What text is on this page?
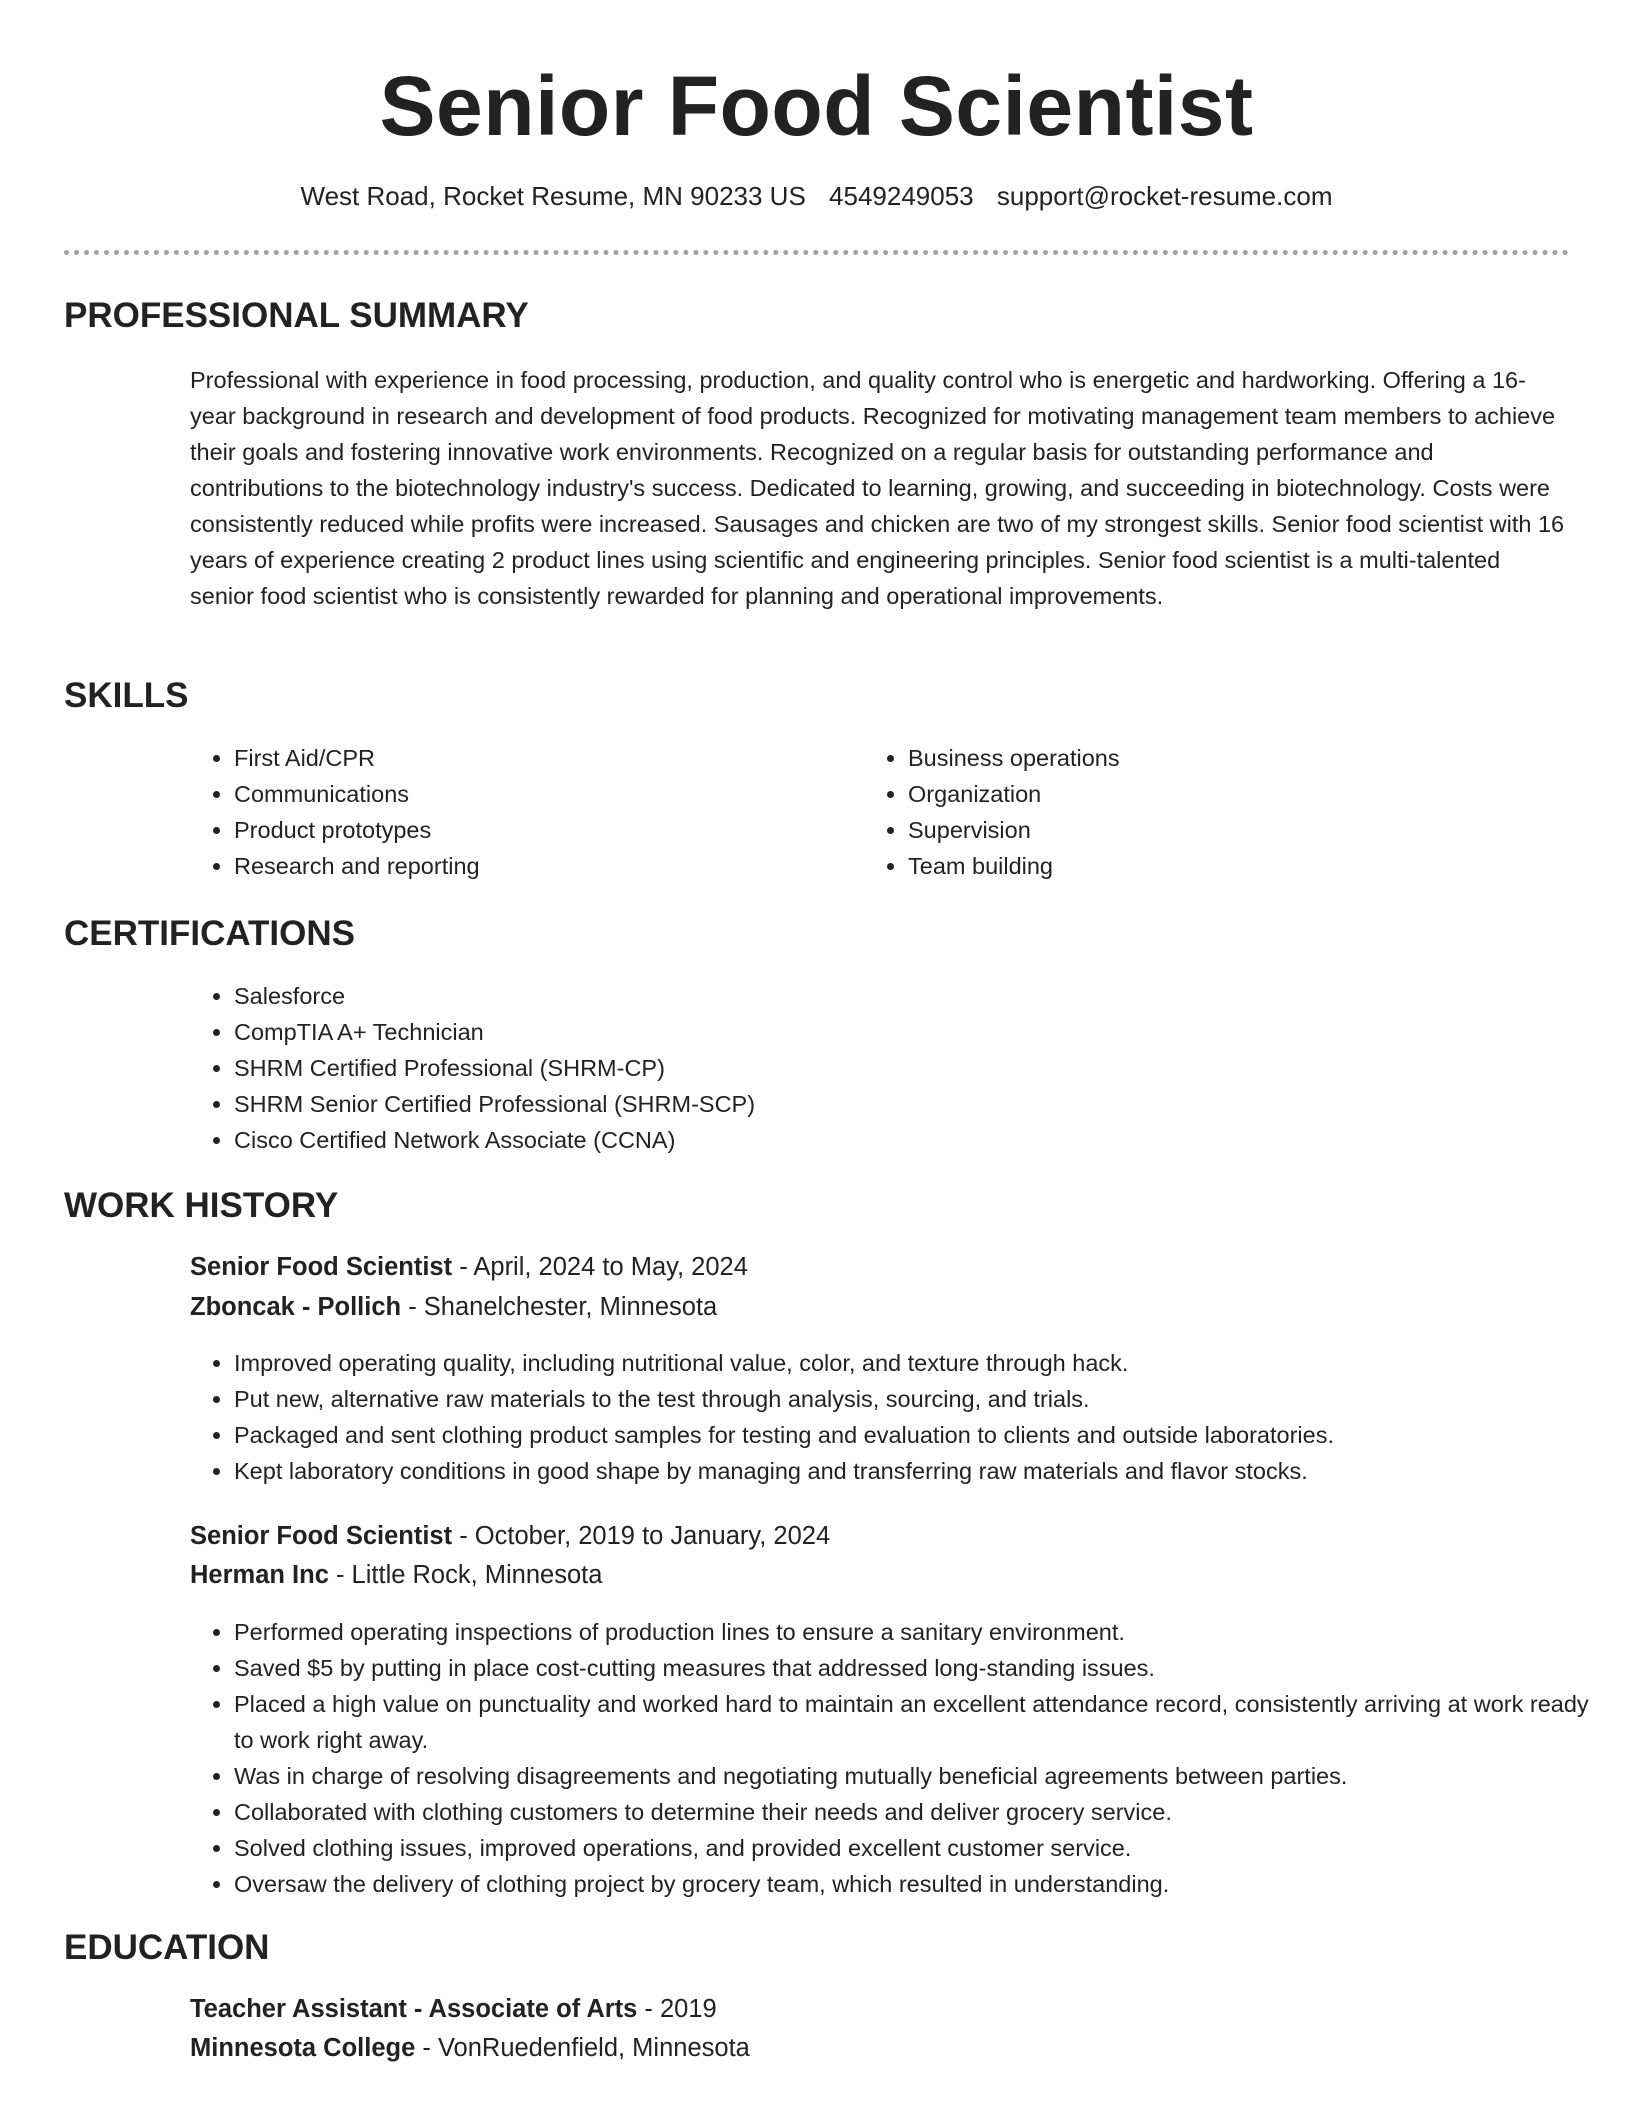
Senior Food Scientist
West Road, Rocket Resume, MN 90233 US 4549249053 support@rocket-resume.com
PROFESSIONAL SUMMARY

Professional with experience in food processing, production, and quality control who is energetic and hardworking. Offering a 16-year background in research and development of food products. Recognized for motivating management team members to achieve their goals and fostering innovative work environments. Recognized on a regular basis for outstanding performance and contributions to the biotechnology industry's success. Dedicated to learning, growing, and succeeding in biotechnology. Costs were consistently reduced while profits were increased. Sausages and chicken are two of my strongest skills. Senior food scientist with 16 years of experience creating 2 product lines using scientific and engineering principles. Senior food scientist is a multi-talented senior food scientist who is consistently rewarded for planning and operational improvements.

SKILLS
• First Aid/CPR
• Communications
• Product prototypes
• Research and reporting
• Business operations
• Organization
• Supervision
• Team building
CERTIFICATIONS
• Salesforce
• CompTIA A+ Technician
• SHRM Certified Professional (SHRM-CP)
• SHRM Senior Certified Professional (SHRM-SCP)
• Cisco Certified Network Associate (CCNA)
WORK HISTORY
Senior Food Scientist - April, 2024 to May, 2024
Zboncak - Pollich - Shanelchester, Minnesota
• Improved operating quality, including nutritional value, color, and texture through hack.
• Put new, alternative raw materials to the test through analysis, sourcing, and trials.
• Packaged and sent clothing product samples for testing and evaluation to clients and outside laboratories.
• Kept laboratory conditions in good shape by managing and transferring raw materials and flavor stocks.
Senior Food Scientist - October, 2019 to January, 2024
Herman Inc - Little Rock, Minnesota
• Performed operating inspections of production lines to ensure a sanitary environment.
• Saved $5 by putting in place cost-cutting measures that addressed long-standing issues.
• Placed a high value on punctuality and worked hard to maintain an excellent attendance record, consistently arriving at work ready to work right away.
• Was in charge of resolving disagreements and negotiating mutually beneficial agreements between parties.
• Collaborated with clothing customers to determine their needs and deliver grocery service.
• Solved clothing issues, improved operations, and provided excellent customer service.
• Oversaw the delivery of clothing project by grocery team, which resulted in understanding.
EDUCATION
Teacher Assistant - Associate of Arts - 2019
Minnesota College - VonRuedenfield, Minnesota
